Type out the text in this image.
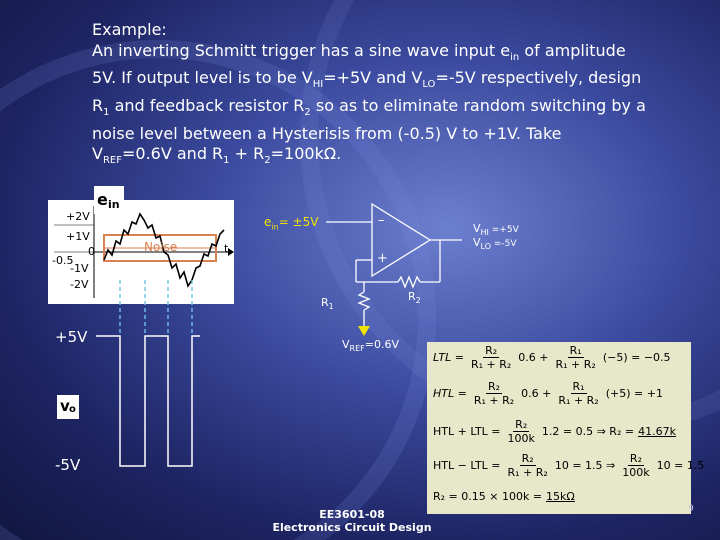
Example:
An inverting Schmitt trigger has a sine wave input $e_{in}$ of amplitude
5V. If output level is to be $V_{HI}=+5V$ and $V_{LO}=-5V$ respectively, design
$R_1$ and feedback resistor $R_2$ so as to eliminate random switching by a
noise level between a Hysterisis from (-0.5) V to +1V. Take
$V_{REF}=0.6V$ and $R_1 + R_2=100k\Omega$.
+2V
+1V
0
-0.5
-1V
-2V
Noise	t
e in
+5V
-5V
v o
$e_{in}= \pm 5V$	–
+
$V_{HI} =+5V$
$V_{LO} =-5V$
$R_1$
$R_2$
$V_{REF}=0.6V$
LTL = $\frac{\text{R₂}}{\text{R₁ + R₂}} 0.6 + \frac{\text{R₁}}{\text{R₁ + R₂}} (-5) = -0.5$
HTL = $\frac{\text{R₂}}{\text{R₁ + R₂}} 0.6 + \frac{\text{R₁}}{\text{R₁ + R₂}} (+5) = +1$
HTL + LTL = $\frac{\text{R₂}}{100k} 1.2 = 0.5$ ⇒ R₂ = 41.67k
HTL − LTL = $\frac{\text{R₂}}{\text{R₁ + R₂}} 10 = 1.5$ ⇒ $\frac{\text{R₂}}{100k} 10 = 1.5$
R₂ = 0.15 × 100k = 15kΩ
EE3601-08
Electronics Circuit Design
9
